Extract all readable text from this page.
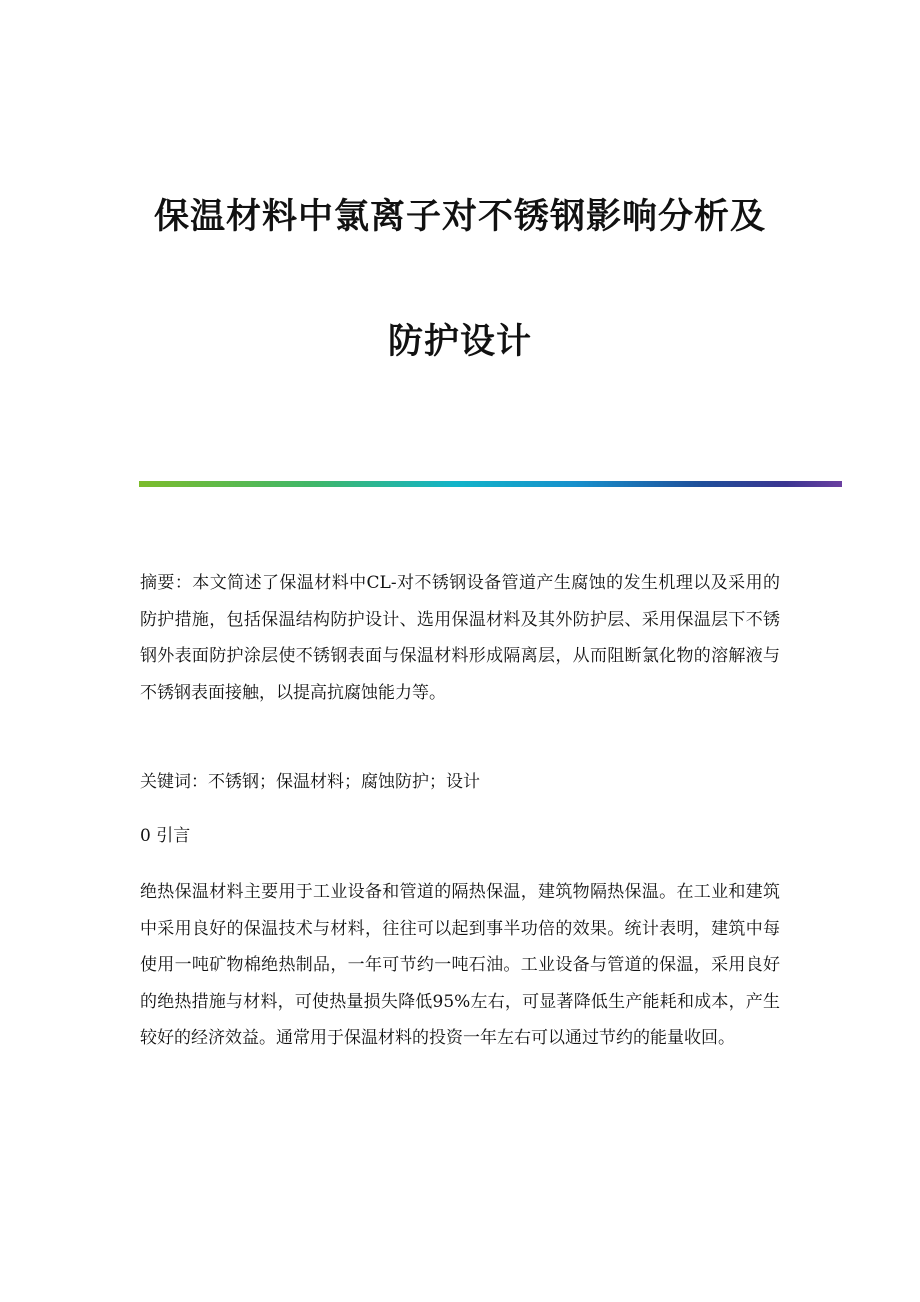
保温材料中氯离子对不锈钢影响分析及
防护设计

摘要：本文简述了保温材料中CL-对不锈钢设备管道产生腐蚀的发生机理以及采用的防护措施，包括保温结构防护设计、选用保温材料及其外防护层、采用保温层下不锈钢外表面防护涂层使不锈钢表面与保温材料形成隔离层，从而阻断氯化物的溶解液与不锈钢表面接触，以提高抗腐蚀能力等。

关键词：不锈钢；保温材料；腐蚀防护；设计

0 引言

绝热保温材料主要用于工业设备和管道的隔热保温，建筑物隔热保温。在工业和建筑中采用良好的保温技术与材料，往往可以起到事半功倍的效果。统计表明，建筑中每使用一吨矿物棉绝热制品，一年可节约一吨石油。工业设备与管道的保温，采用良好的绝热措施与材料，可使热量损失降低95%左右，可显著降低生产能耗和成本，产生较好的经济效益。通常用于保温材料的投资一年左右可以通过节约的能量收回。
